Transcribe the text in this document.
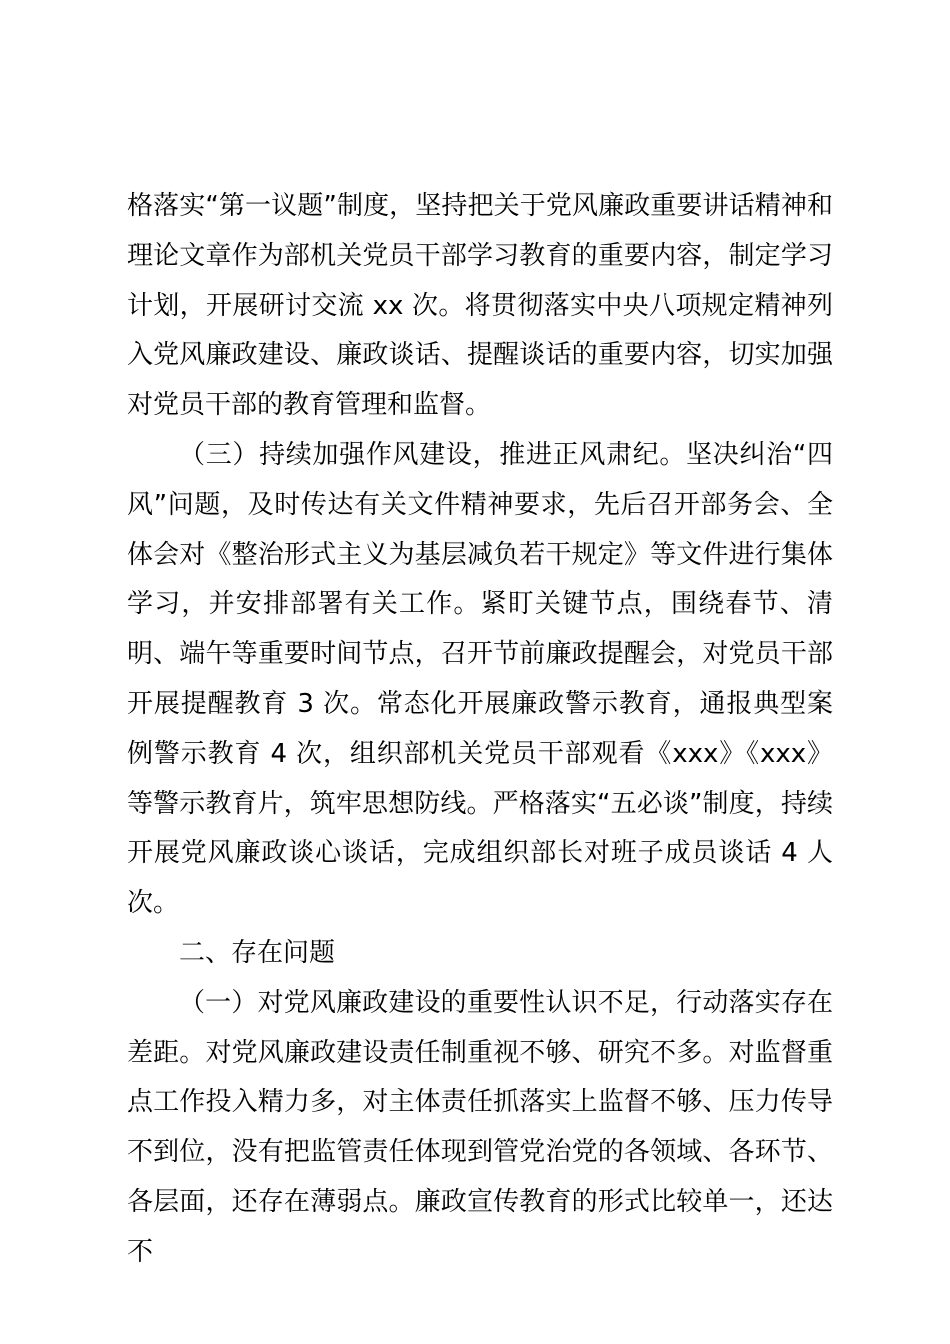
格落实“第一议题”制度，坚持把关于党风廉政重要讲话精神和理论文章作为部机关党员干部学习教育的重要内容，制定学习计划，开展研讨交流 xx 次。将贯彻落实中央八项规定精神列入党风廉政建设、廉政谈话、提醒谈话的重要内容，切实加强对党员干部的教育管理和监督。

（三）持续加强作风建设，推进正风肃纪。坚决纠治“四风”问题，及时传达有关文件精神要求，先后召开部务会、全体会对《整治形式主义为基层减负若干规定》等文件进行集体学习，并安排部署有关工作。紧盯关键节点，围绕春节、清明、端午等重要时间节点，召开节前廉政提醒会，对党员干部开展提醒教育 3 次。常态化开展廉政警示教育，通报典型案例警示教育 4 次，组织部机关党员干部观看《xxx》《xxx》等警示教育片，筑牢思想防线。严格落实“五必谈”制度，持续开展党风廉政谈心谈话，完成组织部长对班子成员谈话 4 人次。

二、存在问题

（一）对党风廉政建设的重要性认识不足，行动落实存在差距。对党风廉政建设责任制重视不够、研究不多。对监督重点工作投入精力多，对主体责任抓落实上监督不够、压力传导不到位，没有把监管责任体现到管党治党的各领域、各环节、各层面，还存在薄弱点。廉政宣传教育的形式比较单一，还达不
